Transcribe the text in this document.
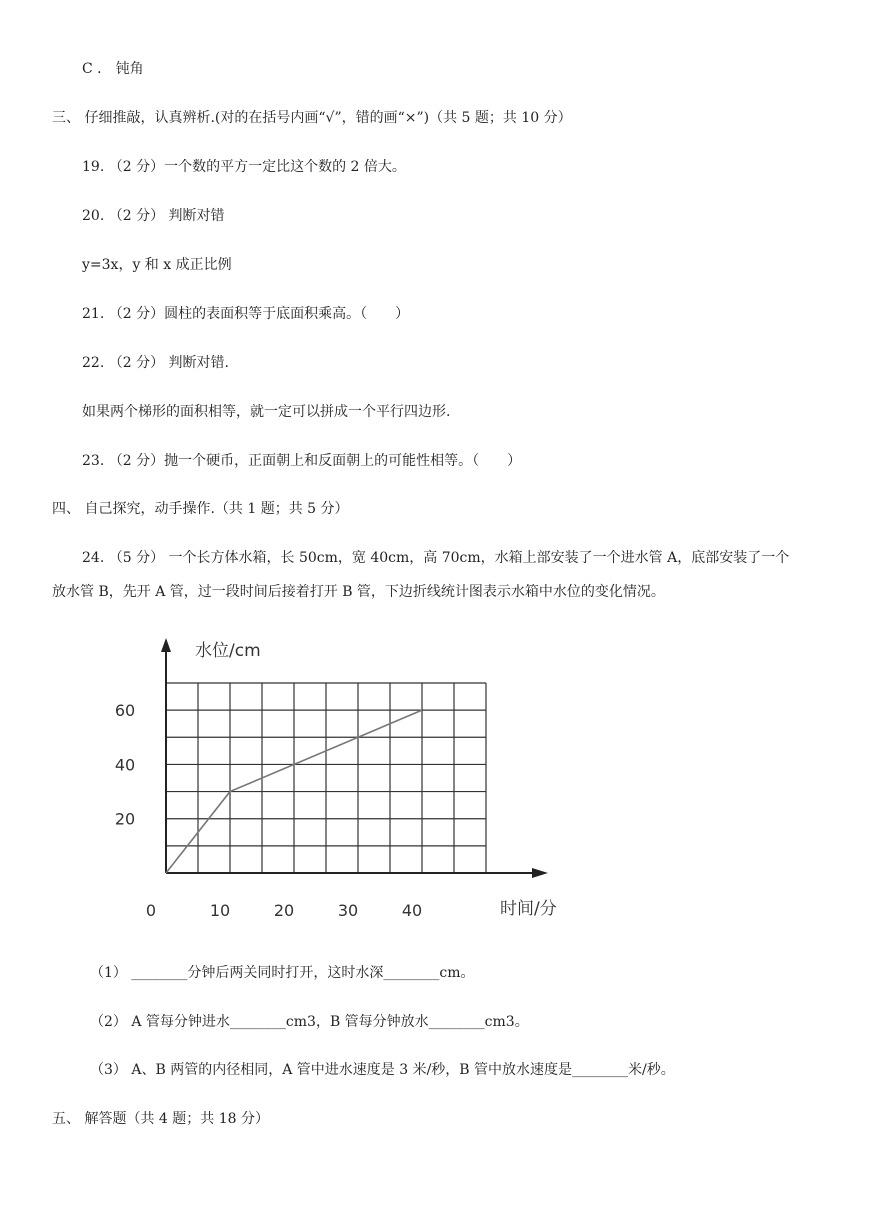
C ． 钝角
三、 仔细推敲，认真辨析.(对的在括号内画“√”，错的画“×”)（共 5 题；共 10 分）
19. （2 分）一个数的平方一定比这个数的 2 倍大。
20. （2 分） 判断对错
y=3x，y 和 x 成正比例
21. （2 分）圆柱的表面积等于底面积乘高。（　　）
22. （2 分） 判断对错.
如果两个梯形的面积相等，就一定可以拼成一个平行四边形.
23. （2 分）抛一个硬币，正面朝上和反面朝上的可能性相等。（　　）
四、 自己探究，动手操作.（共 1 题；共 5 分）
24. （5 分） 一个长方体水箱，长 50cm，宽 40cm，高 70cm，水箱上部安装了一个进水管 A，底部安装了一个
放水管 B，先开 A 管，过一段时间后接着打开 B 管，下边折线统计图表示水箱中水位的变化情况。
水位/cm
时间/分
20
40
60
0	10	20	30	40
（1） ________分钟后两关同时打开，这时水深________cm。
（2） A 管每分钟进水________cm3，B 管每分钟放水________cm3。
（3） A、B 两管的内径相同，A 管中进水速度是 3 米/秒，B 管中放水速度是________米/秒。
五、 解答题（共 4 题；共 18 分）
